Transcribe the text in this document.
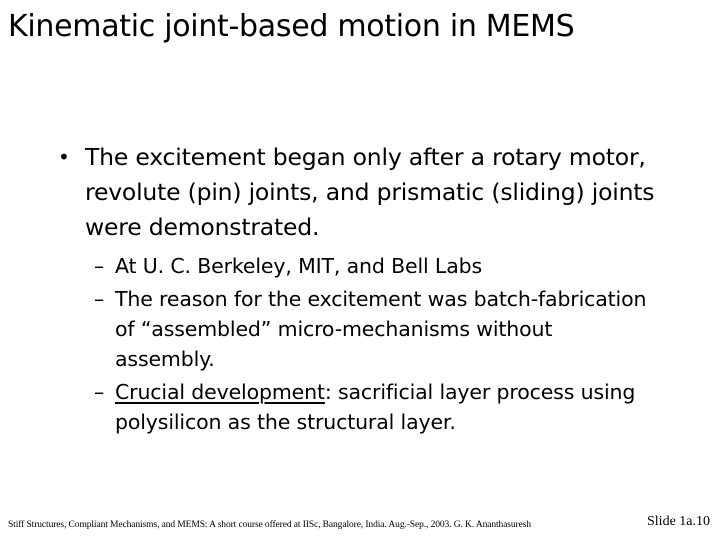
Kinematic joint-based motion in MEMS
• The excitement began only after a rotary motor, revolute (pin) joints, and prismatic (sliding) joints were demonstrated.
– At U. C. Berkeley, MIT, and Bell Labs
– The reason for the excitement was batch-fabrication of “assembled” micro-mechanisms without assembly.
– Crucial development: sacrificial layer process using polysilicon as the structural layer.
Stiff Structures, Compliant Mechanisms, and MEMS: A short course offered at IISc, Bangalore, India. Aug.-Sep., 2003. G. K. Ananthasuresh	Slide 1a.10
